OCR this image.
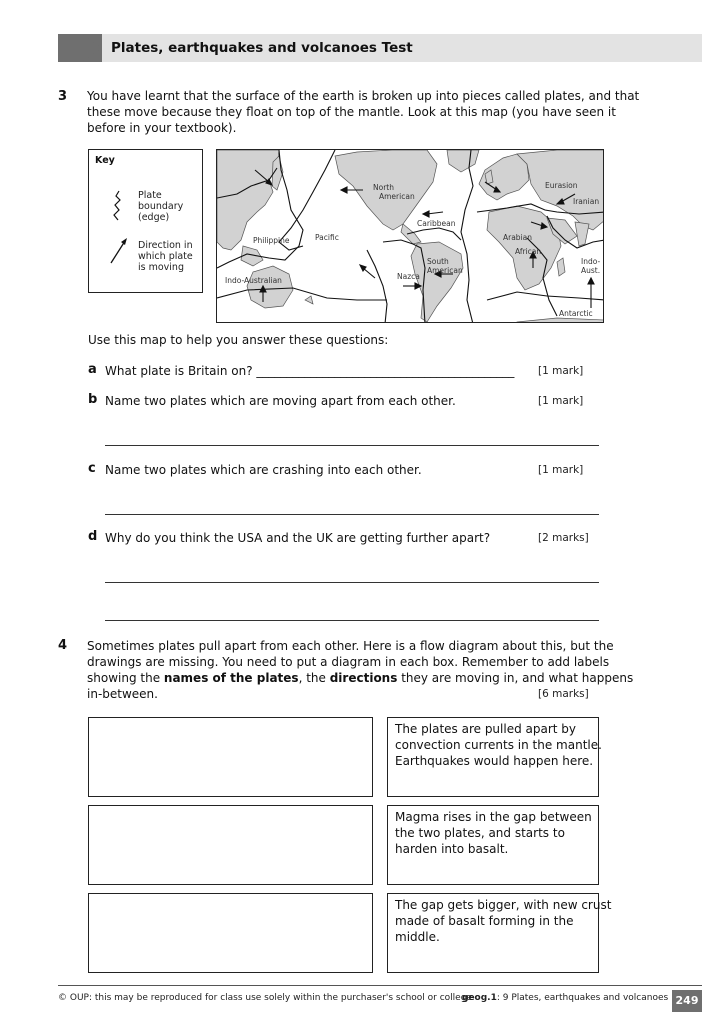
Plates, earthquakes and volcanoes Test
3 You have learnt that the surface of the earth is broken up into pieces called plates, and that
these move because they float on top of the mantle. Look at this map (you have seen it
before in your textbook).
Key
Plate
boundary
(edge)
Direction in
which plate
is moving
North
American
Eurasion
Iranian
Caribbean
Arabian
African
Philippine	Pacific
South
American
Nazca
Indo-Australian
Indo-
Aust.
Antarctic
Use this map to help you answer these questions:
a What plate is Britain on? ___________________________________________ [1 mark]
b Name two plates which are moving apart from each other.	[1 mark]
c Name two plates which are crashing into each other.	[1 mark]
d Why do you think the USA and the UK are getting further apart?	[2 marks]
4 Sometimes plates pull apart from each other. Here is a flow diagram about this, but the
drawings are missing. You need to put a diagram in each box. Remember to add labels
showing the names of the plates, the directions they are moving in, and what happens
in-between.	[6 marks]
The plates are pulled apart by
convection currents in the mantle.
Earthquakes would happen here.
Magma rises in the gap between
the two plates, and starts to
harden into basalt.
The gap gets bigger, with new crust
made of basalt forming in the
middle.
© OUP: this may be reproduced for class use solely within the purchaser's school or college
geog.1: 9 Plates, earthquakes and volcanoes 249
